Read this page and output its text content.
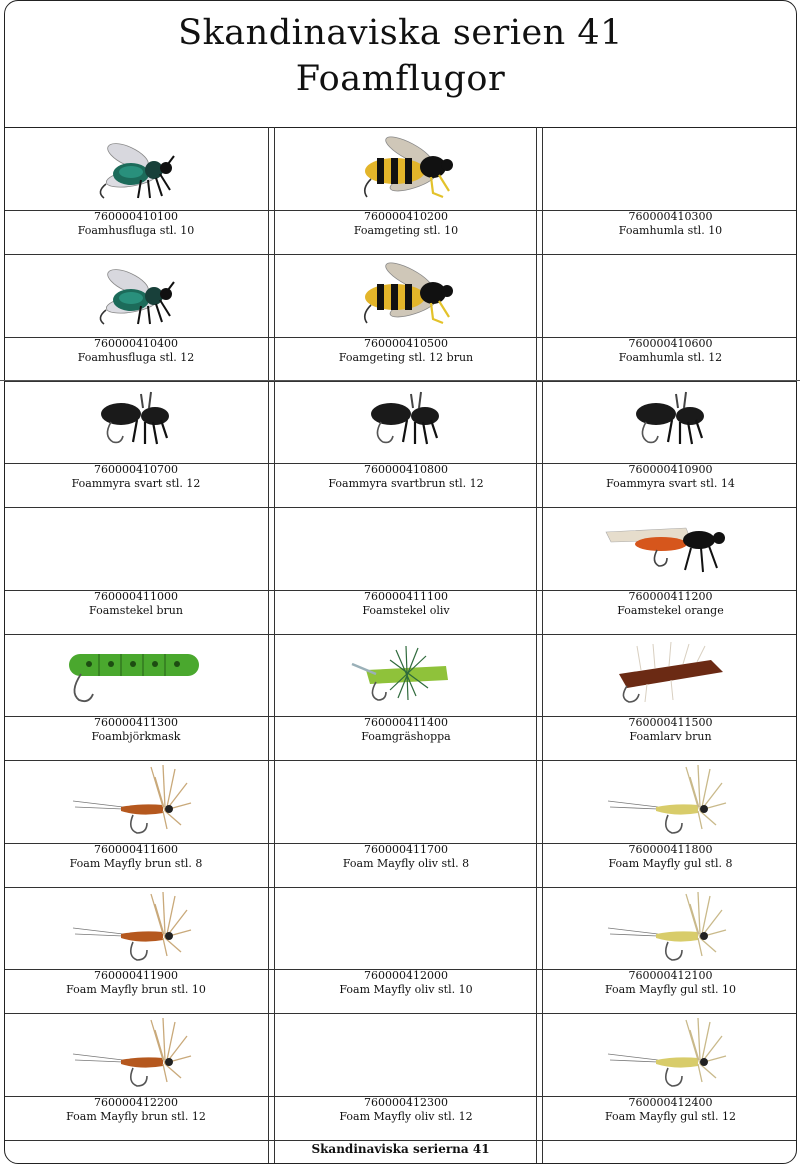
Skandinaviska serien 41
Foamflugor
760000410100
Foamhusfluga stl. 10
760000410200
Foamgeting stl. 10
760000410300
Foamhumla stl. 10
760000410400
Foamhusfluga stl. 12
760000410500
Foamgeting stl. 12 brun
760000410600
Foamhumla stl. 12
760000410700
Foammyra svart stl. 12
760000410800
Foammyra svartbrun stl. 12
760000410900
Foammyra svart stl. 14
760000411000
Foamstekel brun
760000411100
Foamstekel oliv
760000411200
Foamstekel orange
760000411300
Foambjörkmask
760000411400
Foamgräshoppa
760000411500
Foamlarv brun
760000411600
Foam Mayfly brun stl. 8
760000411700
Foam Mayfly oliv stl. 8
760000411800
Foam Mayfly gul stl. 8
760000411900
Foam Mayfly brun stl. 10
760000412000
Foam Mayfly oliv stl. 10
760000412100
Foam Mayfly gul stl. 10
760000412200
Foam Mayfly brun stl. 12
760000412300
Foam Mayfly oliv stl. 12
760000412400
Foam Mayfly gul stl. 12
Skandinaviska serierna 41
